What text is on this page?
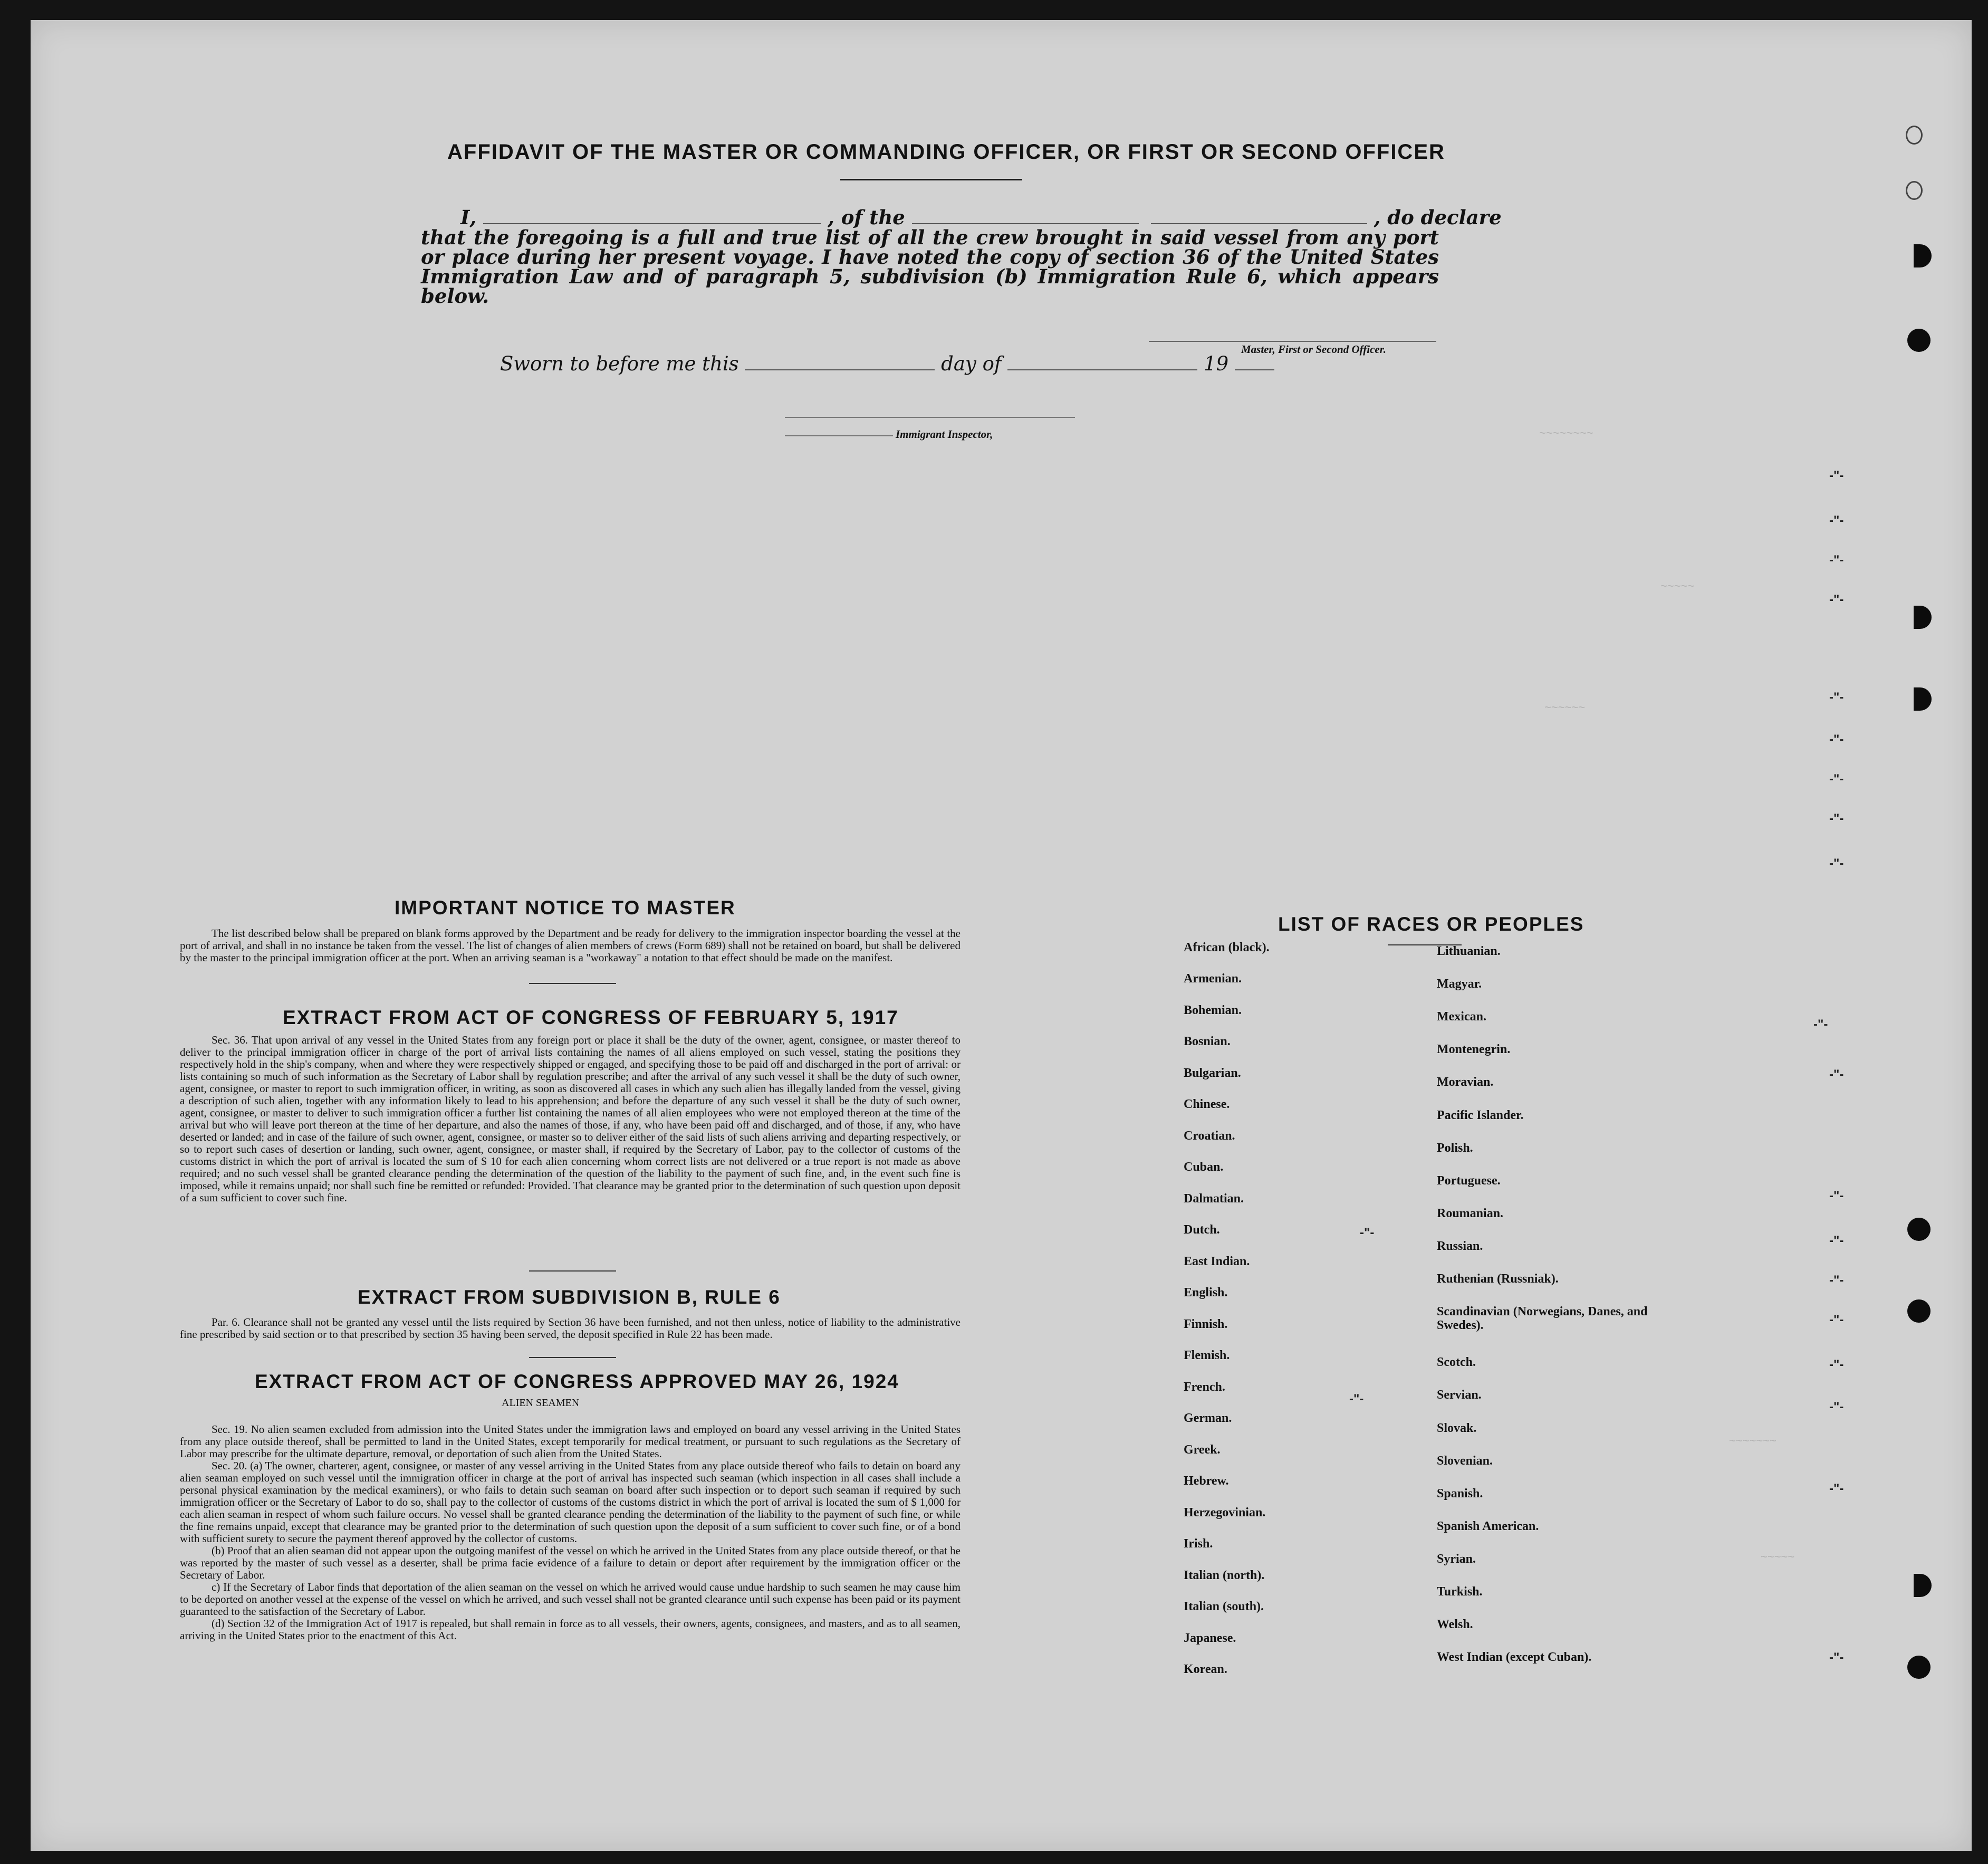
AFFIDAVIT OF THE MASTER OR COMMANDING OFFICER, OR FIRST OR SECOND OFFICER
I,	, of the	, do declare
that the foregoing is a full and true list of all the crew brought in said vessel from any port or place during her present voyage. I have noted the copy of section 36 of the United States Immigration Law and of paragraph 5, subdivision (b) Immigration Rule 6, which appears below.
Master, First or Second Officer.
Sworn to before me this	day of	19
Immigrant Inspector,
IMPORTANT NOTICE TO MASTER

The list described below shall be prepared on blank forms approved by the Department and be ready for delivery to the immigration inspector boarding the vessel at the port of arrival, and shall in no instance be taken from the vessel. The list of changes of alien members of crews (Form 689) shall not be retained on board, but shall be delivered by the master to the principal immigration officer at the port. When an arriving seaman is a "workaway" a notation to that effect should be made on the manifest.

EXTRACT FROM ACT OF CONGRESS OF FEBRUARY 5, 1917

Sec. 36. That upon arrival of any vessel in the United States from any foreign port or place it shall be the duty of the owner, agent, consignee, or master thereof to deliver to the principal immigration officer in charge of the port of arrival lists containing the names of all aliens employed on such vessel, stating the positions they respectively hold in the ship's company, when and where they were respectively shipped or engaged, and specifying those to be paid off and discharged in the port of arrival: or lists containing so much of such information as the Secretary of Labor shall by regulation prescribe; and after the arrival of any such vessel it shall be the duty of such owner, agent, consignee, or master to report to such immigration officer, in writing, as soon as discovered all cases in which any such alien has illegally landed from the vessel, giving a description of such alien, together with any information likely to lead to his apprehension; and before the departure of any such vessel it shall be the duty of such owner, agent, consignee, or master to deliver to such immigration officer a further list containing the names of all alien employees who were not employed thereon at the time of the arrival but who will leave port thereon at the time of her departure, and also the names of those, if any, who have been paid off and discharged, and of those, if any, who have deserted or landed; and in case of the failure of such owner, agent, consignee, or master so to deliver either of the said lists of such aliens arriving and departing respectively, or so to report such cases of desertion or landing, such owner, agent, consignee, or master shall, if required by the Secretary of Labor, pay to the collector of customs of the customs district in which the port of arrival is located the sum of $ 10 for each alien concerning whom correct lists are not delivered or a true report is not made as above required; and no such vessel shall be granted clearance pending the determination of the question of the liability to the payment of such fine, and, in the event such fine is imposed, while it remains unpaid; nor shall such fine be remitted or refunded: Provided. That clearance may be granted prior to the determination of such question upon deposit of a sum sufficient to cover such fine.

EXTRACT FROM SUBDIVISION B, RULE 6

Par. 6. Clearance shall not be granted any vessel until the lists required by Section 36 have been furnished, and not then unless, notice of liability to the administrative fine prescribed by said section or to that prescribed by section 35 having been served, the deposit specified in Rule 22 has been made.

EXTRACT FROM ACT OF CONGRESS APPROVED MAY 26, 1924
ALIEN SEAMEN

Sec. 19. No alien seamen excluded from admission into the United States under the immigration laws and employed on board any vessel arriving in the United States from any place outside thereof, shall be permitted to land in the United States, except temporarily for medical treatment, or pursuant to such regulations as the Secretary of Labor may prescribe for the ultimate departure, removal, or deportation of such alien from the United States.

Sec. 20. (a) The owner, charterer, agent, consignee, or master of any vessel arriving in the United States from any place outside thereof who fails to detain on board any alien seaman employed on such vessel until the immigration officer in charge at the port of arrival has inspected such seaman (which inspection in all cases shall include a personal physical examination by the medical examiners), or who fails to detain such seaman on board after such inspection or to deport such seaman if required by such immigration officer or the Secretary of Labor to do so, shall pay to the collector of customs of the customs district in which the port of arrival is located the sum of $ 1,000 for each alien seaman in respect of whom such failure occurs. No vessel shall be granted clearance pending the determination of the liability to the payment of such fine, or while the fine remains unpaid, except that clearance may be granted prior to the determination of such question upon the deposit of a sum sufficient to cover such fine, or of a bond with sufficient surety to secure the payment thereof approved by the collector of customs.

(b) Proof that an alien seaman did not appear upon the outgoing manifest of the vessel on which he arrived in the United States from any place outside thereof, or that he was reported by the master of such vessel as a deserter, shall be prima facie evidence of a failure to detain or deport after requirement by the immigration officer or the Secretary of Labor.

c) If the Secretary of Labor finds that deportation of the alien seaman on the vessel on which he arrived would cause undue hardship to such seamen he may cause him to be deported on another vessel at the expense of the vessel on which he arrived, and such vessel shall not be granted clearance until such expense has been paid or its payment guaranteed to the satisfaction of the Secretary of Labor.

(d) Section 32 of the Immigration Act of 1917 is repealed, but shall remain in force as to all vessels, their owners, agents, consignees, and masters, and as to all seamen, arriving in the United States prior to the enactment of this Act.

LIST OF RACES OR PEOPLES
African (black).
Armenian.
Bohemian.
Bosnian.
Bulgarian.
Chinese.
Croatian.
Cuban.
Dalmatian.
Dutch.
East Indian.
English.
Finnish.
Flemish.
French.
German.
Greek.
Hebrew.
Herzegovinian.
Irish.
Italian (north).
Italian (south).
Japanese.
Korean.
Lithuanian.
Magyar.
Mexican.
Montenegrin.
Moravian.
Pacific Islander.
Polish.
Portuguese.
Roumanian.
Russian.
Ruthenian (Russniak).
Scandinavian (Norwegians, Danes, and Swedes).
Scotch.
Servian.
Slovak.
Slovenian.
Spanish.
Spanish American.
Syrian.
Turkish.
Welsh.
West Indian (except Cuban).
~~~~~~~~
~~~~~
~~~~~~
~~~~~~~
~~~~~
-"-
-"-
-"-
-"-
-"-
-"-
-"-
-"-
-"-
-"-
-"-
-"-
-"-
-"-
-"-
-"-
-"-
-"-
-"-
-"-
-"-
